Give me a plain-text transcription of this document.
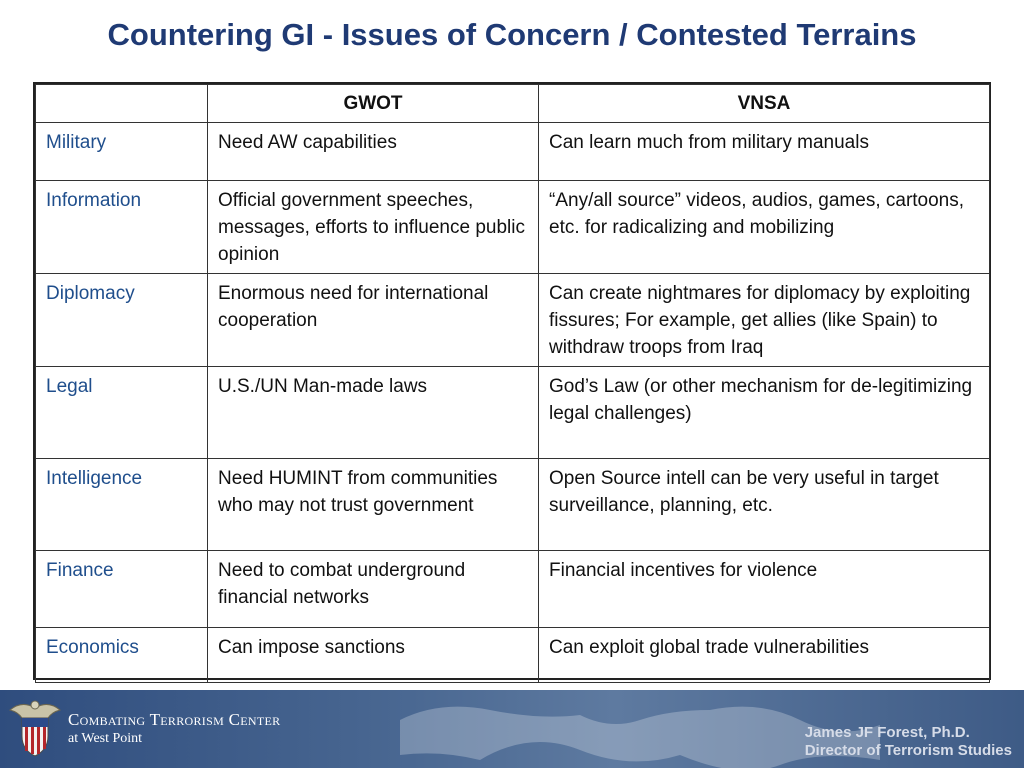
Countering GI - Issues of Concern / Contested Terrains
	GWOT	VNSA
Military	Need AW capabilities	Can learn much from military manuals
Information	Official government speeches, messages, efforts to influence public opinion	“Any/all source” videos, audios, games, cartoons, etc. for radicalizing and mobilizing
Diplomacy	Enormous need for international cooperation	Can create nightmares for diplomacy by exploiting fissures; For example, get allies (like Spain) to withdraw troops from Iraq
Legal	U.S./UN Man-made laws	God’s Law (or other mechanism for de-legitimizing legal challenges)
Intelligence	Need HUMINT from communities who may not trust government	Open Source intell can be very useful in target surveillance, planning, etc.
Finance	Need to combat underground financial networks	Financial incentives for violence
Economics	Can impose sanctions	Can exploit global trade vulnerabilities
Combating Terrorism Center
at West Point	James JF Forest, Ph.D.
Director of Terrorism Studies
